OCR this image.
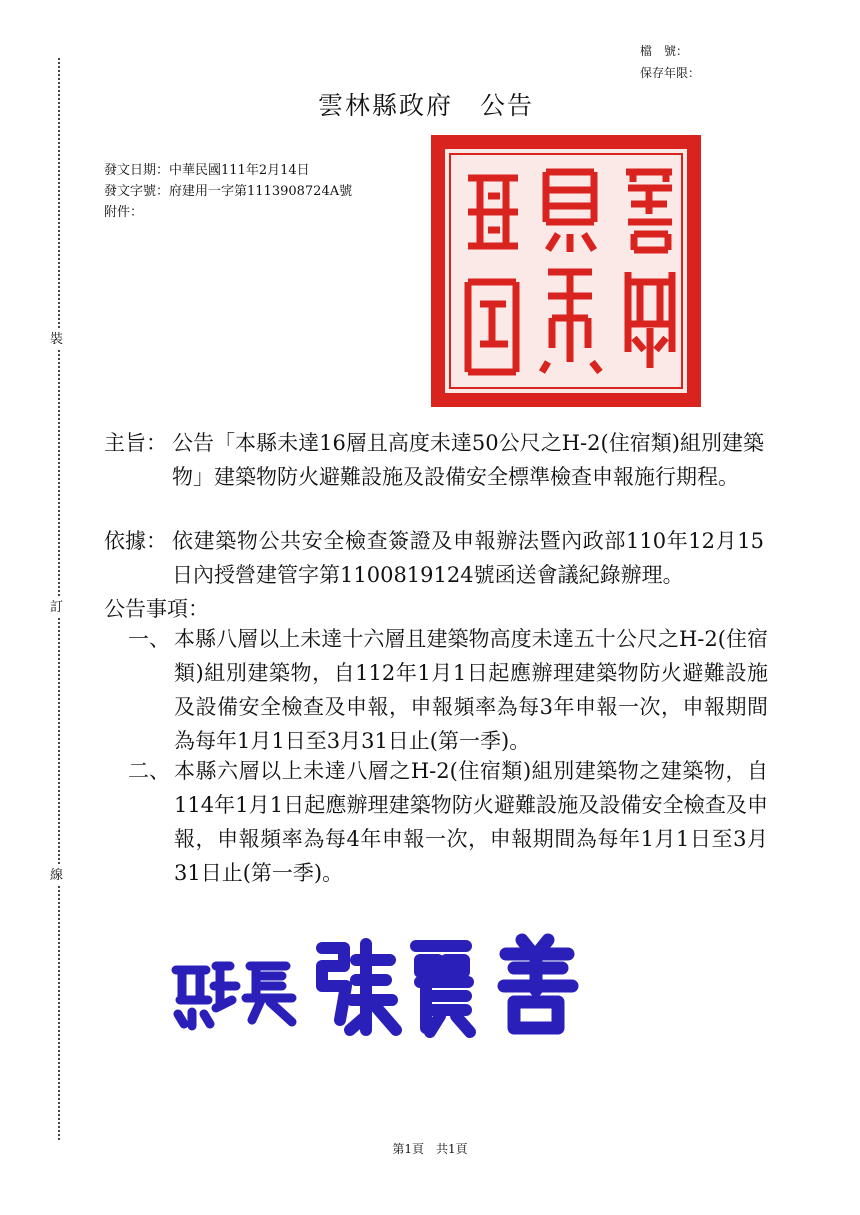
裝
訂
線
檔　號：
保存年限：
雲林縣政府　公告
發文日期：中華民國111年2月14日
發文字號：府建用一字第1113908724A號
附件：
主旨： 公告「本縣未達16層且高度未達50公尺之H-2(住宿類)組別建築物」建築物防火避難設施及設備安全標準檢查申報施行期程。
依據： 依建築物公共安全檢查簽證及申報辦法暨內政部110年12月15日內授營建管字第1100819124號函送會議紀錄辦理。
公告事項：
一、 本縣八層以上未達十六層且建築物高度未達五十公尺之H-2(住宿類)組別建築物，自112年1月1日起應辦理建築物防火避難設施及設備安全檢查及申報，申報頻率為每3年申報一次，申報期間為每年1月1日至3月31日止(第一季)。
二、 本縣六層以上未達八層之H-2(住宿類)組別建築物之建築物，自114年1月1日起應辦理建築物防火避難設施及設備安全檢查及申報，申報頻率為每4年申報一次，申報期間為每年1月1日至3月31日止(第一季)。
第1頁　共1頁
